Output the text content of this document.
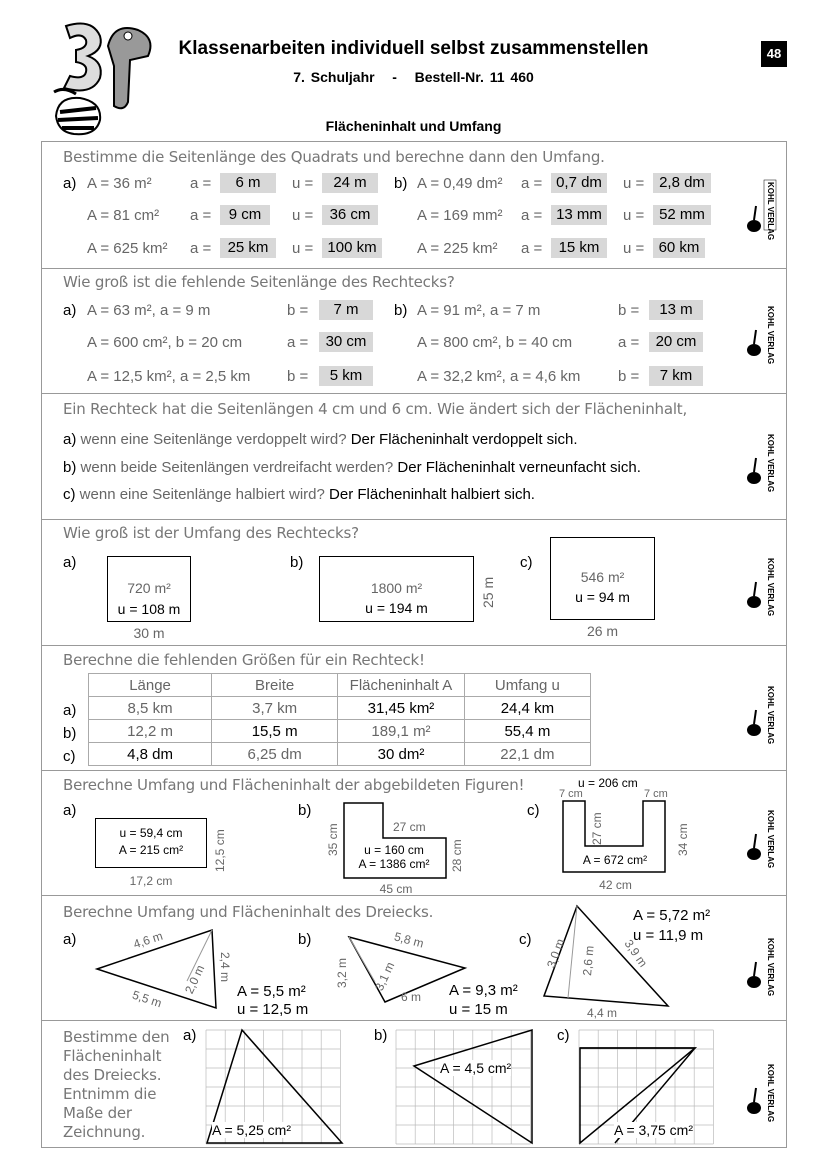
Klassenarbeiten individuell selbst zusammenstellen
7. Schuljahr - Bestell-Nr. 11 460
48
Flächeninhalt und Umfang
KOHL VERLAG
KOHL VERLAG
KOHL VERLAG
KOHL VERLAG
KOHL VERLAG
KOHL VERLAG
KOHL VERLAG
KOHL VERLAG
Bestimme die Seitenlänge des Quadrats und berechne dann den Umfang.
a)	b)
A = 36 m²	a =	6 m	u =	24 m	A = 0,49 dm² a = 0,7 dm	u = 2,8 dm
A = 81 cm² a =	9 cm	u =	36 cm	A = 169 mm² a = 13 mm	u = 52 mm
A = 625 km² a =	25 km	u = 100 km	A = 225 km² a =	15 km	u = 60 km
Wie groß ist die fehlende Seitenlänge des Rechtecks?
a)	b)
A = 63 m², a = 9 m	b =	7 m	A = 91 m², a = 7 m	b =	13 m
A = 600 cm², b = 20 cm	a =	30 cm	A = 800 cm², b = 40 cm	a =	20 cm
A = 12,5 km², a = 2,5 km b =	5 km	A = 32,2 km², a = 4,6 km	b =	7 km
Ein Rechteck hat die Seitenlängen 4 cm und 6 cm. Wie ändert sich der Flächeninhalt,
a) wenn eine Seitenlänge verdoppelt wird? Der Flächeninhalt verdoppelt sich.
b) wenn beide Seitenlängen verdreifacht werden? Der Flächeninhalt verneunfacht sich.
c) wenn eine Seitenlänge halbiert wird? Der Flächeninhalt halbiert sich.
Wie groß ist der Umfang des Rechtecks?
a)
720 m²
u = 108 m
30 m
b)
1800 m²
u = 194 m	25 m
c)
546 m²
u = 94 m
26 m
Berechne die fehlenden Größen für ein Rechteck!
Länge	Breite	Flächeninhalt A	Umfang u
8,5 km	3,7 km	31,45 km²	24,4 km
12,2 m	15,5 m	189,1 m²	55,4 m
4,8 dm	6,25 dm	30 dm²	22,1 dm
a)
b)
c)
Berechne Umfang und Flächeninhalt der abgebildeten Figuren!
a)
u = 59,4 cm
A = 215 cm²
17,2 cm
12,5 cm
b)
27 cm
u = 160 cm
A = 1386 cm²
45 cm
35 cm	28 cm
c)
u = 206 cm
7 cm	7 cm
27 cm
A = 672 cm²
42 cm
34 cm
Berechne Umfang und Flächeninhalt des Dreiecks.
a)	4,6 m
2,0 m 2,4 m
5,5 m	A = 5,5 m²
u = 12,5 m
b)	5,8 m
3,2 m 3,1 m
6 m A = 9,3 m²
u = 15 m
c) 3,0 m 2,6 m 3,9 m
4,4 m
A = 5,72 m²
u = 11,9 m
Bestimme den
Flächeninhalt
des Dreiecks.
Entnimm die
Maße der
Zeichnung.
a)	b)	c)
A = 5,25 cm²
A = 4,5 cm²
A = 3,75 cm²
